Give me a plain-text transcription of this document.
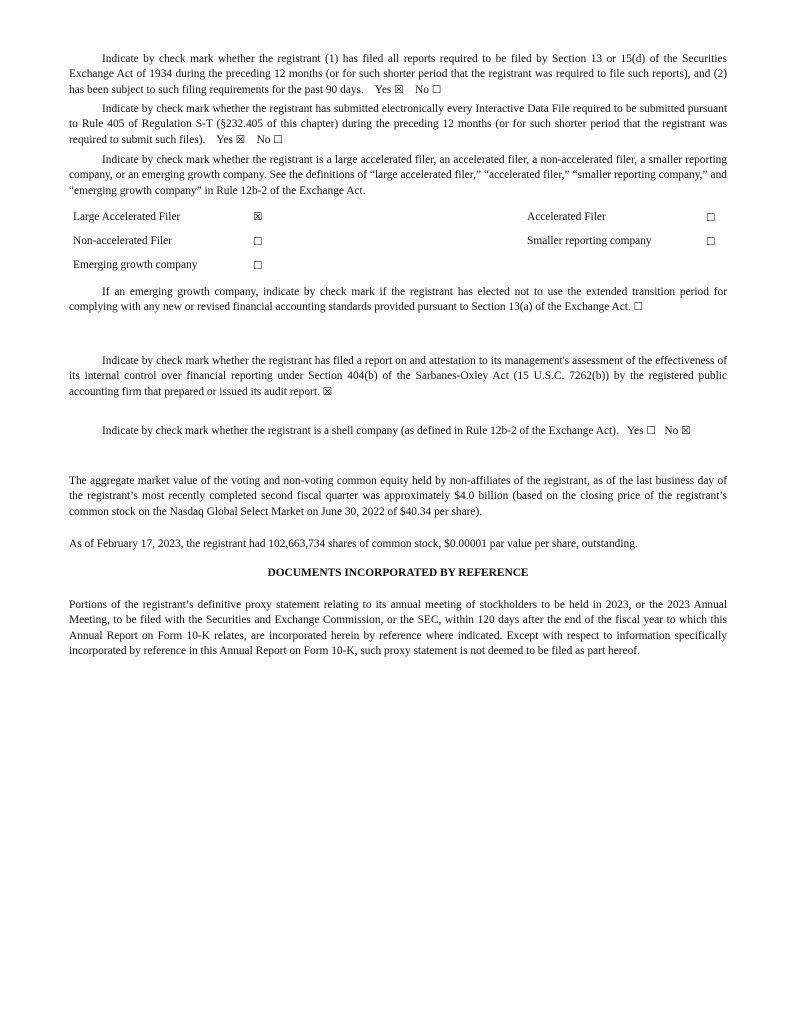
Indicate by check mark whether the registrant (1) has filed all reports required to be filed by Section 13 or 15(d) of the Securities Exchange Act of 1934 during the preceding 12 months (or for such shorter period that the registrant was required to file such reports), and (2) has been subject to such filing requirements for the past 90 days. Yes ☒ No ☐

Indicate by check mark whether the registrant has submitted electronically every Interactive Data File required to be submitted pursuant to Rule 405 of Regulation S-T (§232.405 of this chapter) during the preceding 12 months (or for such shorter period that the registrant was required to submit such files). Yes ☒ No ☐

Indicate by check mark whether the registrant is a large accelerated filer, an accelerated filer, a non-accelerated filer, a smaller reporting company, or an emerging growth company. See the definitions of “large accelerated filer,” “accelerated filer,” “smaller reporting company,” and “emerging growth company” in Rule 12b-2 of the Exchange Act.

Large Accelerated Filer	☒	Accelerated Filer	☐
Non-accelerated Filer	☐	Smaller reporting company	☐
Emerging growth company	☐

If an emerging growth company, indicate by check mark if the registrant has elected not to use the extended transition period for complying with any new or revised financial accounting standards provided pursuant to Section 13(a) of the Exchange Act. ☐

Indicate by check mark whether the registrant has filed a report on and attestation to its management's assessment of the effectiveness of its internal control over financial reporting under Section 404(b) of the Sarbanes-Oxley Act (15 U.S.C. 7262(b)) by the registered public accounting firm that prepared or issued its audit report. ☒

Indicate by check mark whether the registrant is a shell company (as defined in Rule 12b-2 of the Exchange Act). Yes ☐ No ☒

The aggregate market value of the voting and non-voting common equity held by non-affiliates of the registrant, as of the last business day of the registrant’s most recently completed second fiscal quarter was approximately $4.0 billion (based on the closing price of the registrant’s common stock on the Nasdaq Global Select Market on June 30, 2022 of $40.34 per share).

As of February 17, 2023, the registrant had 102,663,734 shares of common stock, $0.00001 par value per share, outstanding.

DOCUMENTS INCORPORATED BY REFERENCE

Portions of the registrant’s definitive proxy statement relating to its annual meeting of stockholders to be held in 2023, or the 2023 Annual Meeting, to be filed with the Securities and Exchange Commission, or the SEC, within 120 days after the end of the fiscal year to which this Annual Report on Form 10-K relates, are incorporated herein by reference where indicated. Except with respect to information specifically incorporated by reference in this Annual Report on Form 10-K, such proxy statement is not deemed to be filed as part hereof.
